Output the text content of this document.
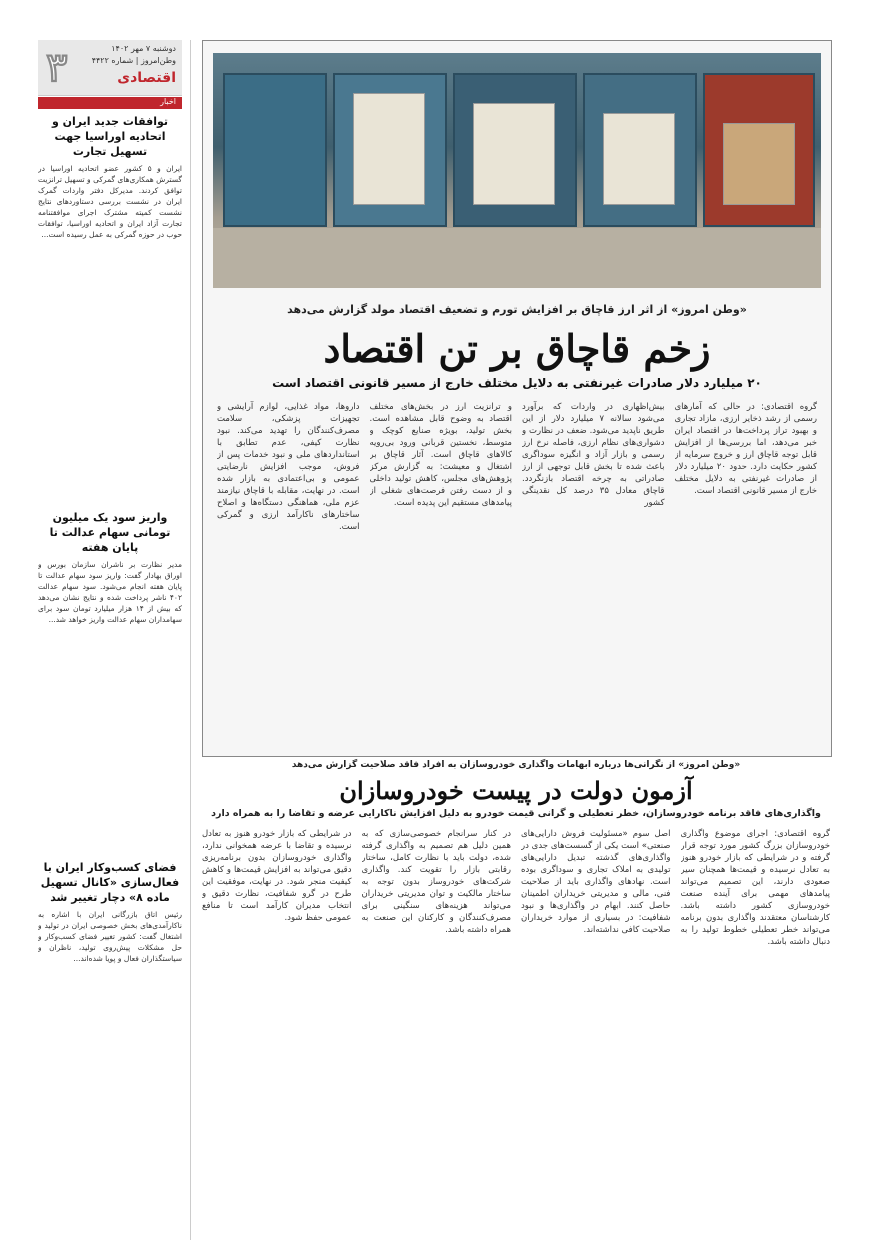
۳	دوشنبه ۷ مهر ۱۴۰۲
وطن‌امروز | شماره ۴۴۲۲
اقتصادی
اخبار
توافقات جدید ایران و اتحادیه اوراسیا جهت تسهیل تجارت
ایران و ۵ کشور عضو اتحادیه اوراسیا در گسترش همکاری‌های گمرکی و تسهیل ترانزیت توافق کردند. مدیرکل دفتر واردات گمرک ایران در نشست بررسی دستاوردهای نتایج نشست کمیته مشترک اجرای موافقتنامه تجارت آزاد ایران و اتحادیه اوراسیا، توافقات حوب در حوزه گمرکی به عمل رسیده است...
واریز سود یک میلیون تومانی سهام عدالت تا پایان هفته
مدیر نظارت بر ناشران سازمان بورس و اوراق بهادار گفت: واریز سود سهام عدالت تا پایان هفته انجام می‌شود. سود سهام عدالت ۴۰۲ ناشر پرداخت شده و نتایج نشان می‌دهد که بیش از ۱۴ هزار میلیارد تومان سود برای سهامداران سهام عدالت واریز خواهد شد...
فضای کسب‌وکار ایران با فعال‌سازی «کانال تسهیل ماده ۸» دچار تغییر شد
رئیس اتاق بازرگانی ایران با اشاره به ناکارآمدی‌های بخش خصوصی ایران در تولید و اشتغال گفت: کشور تغییر فضای کسب‌وکار و حل مشکلات پیش‌روی تولید، ناظران و سیاستگذاران فعال و پویا شده‌اند...
«وطن امروز» از اثر ارز قاچاق بر افزایش تورم و تضعیف اقتصاد مولد گزارش می‌دهد
زخم قاچاق بر تن اقتصاد
۲۰ میلیارد دلار صادرات غیرنفتی به دلایل مختلف خارج از مسیر قانونی اقتصاد است
گروه اقتصادی: در حالی که آمارهای رسمی از رشد ذخایر ارزی، مازاد تجاری و بهبود تراز پرداخت‌ها در اقتصاد ایران خبر می‌دهد، اما بررسی‌ها از افزایش قابل توجه قاچاق ارز و خروج سرمایه از کشور حکایت دارد. حدود ۲۰ میلیارد دلار از صادرات غیرنفتی به دلایل مختلف خارج از مسیر قانونی اقتصاد است.
بیش‌اظهاری در واردات که برآورد می‌شود سالانه ۷ میلیارد دلار از این طریق ناپدید می‌شود. ضعف در نظارت و دشواری‌های نظام ارزی، فاصله نرخ ارز رسمی و بازار آزاد و انگیزه سوداگری باعث شده تا بخش قابل توجهی از ارز صادراتی به چرخه اقتصاد بازنگردد. قاچاق معادل ۳۵ درصد کل نقدینگی کشور
و ترانزیت ارز در بخش‌های مختلف اقتصاد به وضوح قابل مشاهده است. بخش تولید، بویژه صنایع کوچک و متوسط، نخستین قربانی ورود بی‌رویه کالاهای قاچاق است. آثار قاچاق بر اشتغال و معیشت: به گزارش مرکز پژوهش‌های مجلس، کاهش تولید داخلی و از دست رفتن فرصت‌های شغلی از پیامدهای مستقیم این پدیده است.
داروها، مواد غذایی، لوازم آرایشی و تجهیزات پزشکی، سلامت مصرف‌کنندگان را تهدید می‌کند. نبود نظارت کیفی، عدم تطابق با استانداردهای ملی و نبود خدمات پس از فروش، موجب افزایش نارضایتی عمومی و بی‌اعتمادی به بازار شده است. در نهایت، مقابله با قاچاق نیازمند عزم ملی، هماهنگی دستگاه‌ها و اصلاح ساختارهای ناکارآمد ارزی و گمرکی است.
«وطن امروز» از نگرانی‌ها درباره ابهامات واگذاری خودروسازان به افراد فاقد صلاحیت گزارش می‌دهد
آزمون دولت در پیست خودروسازان
واگذاری‌های فاقد برنامه خودروسازان، خطر تعطیلی و گرانی قیمت خودرو به دلیل افزایش ناکارایی عرضه و تقاضا را به همراه دارد
گروه اقتصادی: اجرای موضوع واگذاری خودروسازان بزرگ کشور مورد توجه قرار گرفته و در شرایطی که بازار خودرو هنوز به تعادل نرسیده و قیمت‌ها همچنان سیر صعودی دارند، این تصمیم می‌تواند پیامدهای مهمی برای آینده صنعت خودروسازی کشور داشته باشد. کارشناسان معتقدند واگذاری بدون برنامه می‌تواند خطر تعطیلی خطوط تولید را به دنبال داشته باشد.
اصل سوم «مسئولیت فروش دارایی‌های صنعتی» است یکی از گسست‌های جدی در واگذاری‌های گذشته تبدیل دارایی‌های تولیدی به املاک تجاری و سوداگری بوده است. نهادهای واگذاری باید از صلاحیت فنی، مالی و مدیریتی خریداران اطمینان حاصل کنند. ابهام در واگذاری‌ها و نبود شفافیت: در بسیاری از موارد خریداران صلاحیت کافی نداشته‌اند.
در کنار سرانجام خصوصی‌سازی که به همین دلیل هم تصمیم به واگذاری گرفته شده، دولت باید با نظارت کامل، ساختار رقابتی بازار را تقویت کند. واگذاری شرکت‌های خودروساز بدون توجه به ساختار مالکیت و توان مدیریتی خریداران می‌تواند هزینه‌های سنگینی برای مصرف‌کنندگان و کارکنان این صنعت به همراه داشته باشد.
در شرایطی که بازار خودرو هنوز به تعادل نرسیده و تقاضا با عرضه همخوانی ندارد، واگذاری خودروسازان بدون برنامه‌ریزی دقیق می‌تواند به افزایش قیمت‌ها و کاهش کیفیت منجر شود. در نهایت، موفقیت این طرح در گرو شفافیت، نظارت دقیق و انتخاب مدیران کارآمد است تا منافع عمومی حفظ شود.
